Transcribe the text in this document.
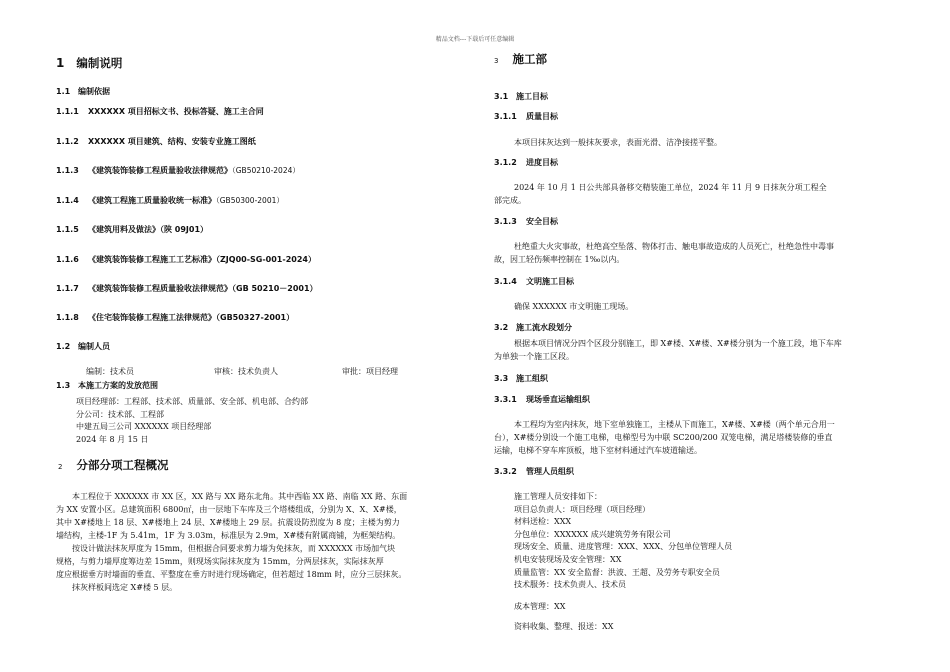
精品文档---下载后可任意编辑
1 编制说明
1.1 编制依据
1.1.1 XXXXXX 项目招标文书、投标答疑、施工主合同
1.1.2 XXXXXX 项目建筑、结构、安装专业施工图纸
1.1.3 《建筑装饰装修工程质量验收法律规范》（GB50210-2024）
1.1.4 《建筑工程施工质量验收统一标准》（GB50300-2001）
1.1.5 《建筑用料及做法》（陕 09J01）
1.1.6 《建筑装饰装修工程施工工艺标准》（ZJQ00-SG-001-2024）
1.1.7 《建筑装饰装修工程质量验收法律规范》（GB 50210－2001）
1.1.8 《住宅装饰装修工程施工法律规范》（GB50327-2001）
1.2 编制人员
编制：技术员	审核：技术负责人	审批：项目经理
1.3 本施工方案的发放范围
项目经理部：工程部、技术部、质量部、安全部、机电部、合约部
分公司：技术部、工程部
中建五局三公司 XXXXXX 项目经理部
2024 年 8 月 15 日
2 分部分项工程概况
本工程位于 XXXXXX 市 XX 区，XX 路与 XX 路东北角。其中西临 XX 路、南临 XX 路、东面
为 XX 安置小区。总建筑面积 6800㎡，由一层地下车库及三个塔楼组成，分别为 X、X、X#楼，
其中 X#楼地上 18 层、X#楼地上 24 层、X#楼地上 29 层。抗震设防烈度为 8 度；主楼为剪力
墙结构，主楼-1F 为 5.41m，1F 为 3.03m，标准层为 2.9m，X#楼有附属商铺，为框架结构。
按设计做法抹灰厚度为 15mm，但根据合同要求剪力墙为免抹灰，而 XXXXXX 市场加气块
规格，与剪力墙厚度筹边差 15mm，则现场实际抹灰度为 15mm，分两层抹灰，实际抹灰厚
度应根据垂方时墙面的垂直、平整度在垂方时进行现场确定，但若超过 18mm 时，应分三层抹灰。
抹灰样板间选定 X#楼 5 层。
3 施工部
3.1 施工目标
3.1.1 质量目标
本项目抹灰达到一般抹灰要求，表面光滑、洁净接搓平整。
3.1.2 进度目标
2024 年 10 月 1 日公共部具备移交精装施工单位，2024 年 11 月 9 日抹灰分项工程全
部完成。
3.1.3 安全目标
杜绝重大火灾事故，杜绝高空坠落、物体打击、触电事故造成的人员死亡，杜绝急性中毒事
故，因工轻伤频率控制在 1‰以内。
3.1.4 文明施工目标
确保 XXXXXX 市文明施工现场。
3.2 施工流水段划分
根据本项目情况分四个区段分别施工，即 X#楼、X#楼、X#楼分别为一个施工段，地下车库
为单独一个施工区段。
3.3 施工组织
3.3.1 现场垂直运输组织
本工程均为室内抹灰，地下室单独施工，主楼从下而施工，X#楼、X#楼（两个单元合用一
台），X#楼分别设一个施工电梯，电梯型号为中联 SC200/200 双笼电梯，满足塔楼装修的垂直
运输，电梯不穿车库顶板，地下室材料通过汽车坡道输送。
3.3.2 管理人员组织
施工管理人员安排如下：
项目总负责人：项目经理（项目经理）
材料送检：XXX
分包单位：XXXXXX 成兴建筑劳务有限公司
现场安全、质量、进度管理：XXX、XXX、分包单位管理人员
机电安装现场及安全管理：XX
质量监管：XX 安全监督：洪波、王超、及劳务专职安全员
技术服务：技术负责人、技术员
成本管理：XX
资料收集、整理、报送：XX
